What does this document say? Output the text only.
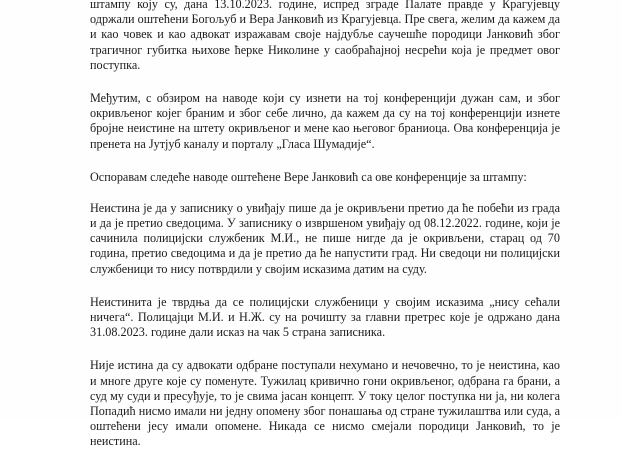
штампу коју су, дана 13.10.2023. године, испред зграде Палате правде у Крагујевцу
одржали оштећени Богољуб и Вера Јанковић из Крагујевца. Пре свега, желим да кажем да
и као човек и као адвокат изражавам своје најдубље саучешће породици Јанковић због
трагичног губитка њихове ћерке Николине у саобраћајној несрећи која је предмет овог
поступка.
Међутим, с обзиром на наводе који су изнети на тој конференцији дужан сам, и због
окривљеног којег браним и због себе лично, да кажем да су на тој конференцији изнете
бројне неистине на штету окривљеног и мене као његовог браниоца. Ова конференција је
пренета на Јутјуб каналу и порталу „Гласа Шумадије“.
Оспоравам следеће наводе оштећене Вере Јанковић са ове конференције за штампу:
Неистина је да у записнику о увиђају пише да је окривљени претио да ће побећи из града
и да је претио сведоцима. У записнику о извршеном увиђају од 08.12.2022. године, који је
сачинила полицијски службеник М.И., не пише нигде да је окривљени, старац од 70
година, претио сведоцима и да је претио да ће напустити град. Ни сведоци ни полицијски
службеници то нису потврдили у својим исказима датим на суду.
Неистинита је тврдња да се полицијски службеници у својим исказима „нису сећали
ничега“. Полицајци М.И. и Н.Ж. су на рочишту за главни претрес које је одржано дана
31.08.2023. године дали исказ на чак 5 страна записника.
Није истина да су адвокати одбране поступали нехумано и нечовечно, то је неистина, као
и многе друге које су поменуте. Тужилац кривично гони окривљеног, одбрана га брани, а
суд му суди и пресуђује, то је свима јасан концепт. У току целог поступка ни ја, ни колега
Попадић нисмо имали ни једну опомену због понашања од стране тужилаштва или суда, а
оштећени јесу имали опомене. Никада се нисмо смејали породици Јанковић, то је
неистина.
